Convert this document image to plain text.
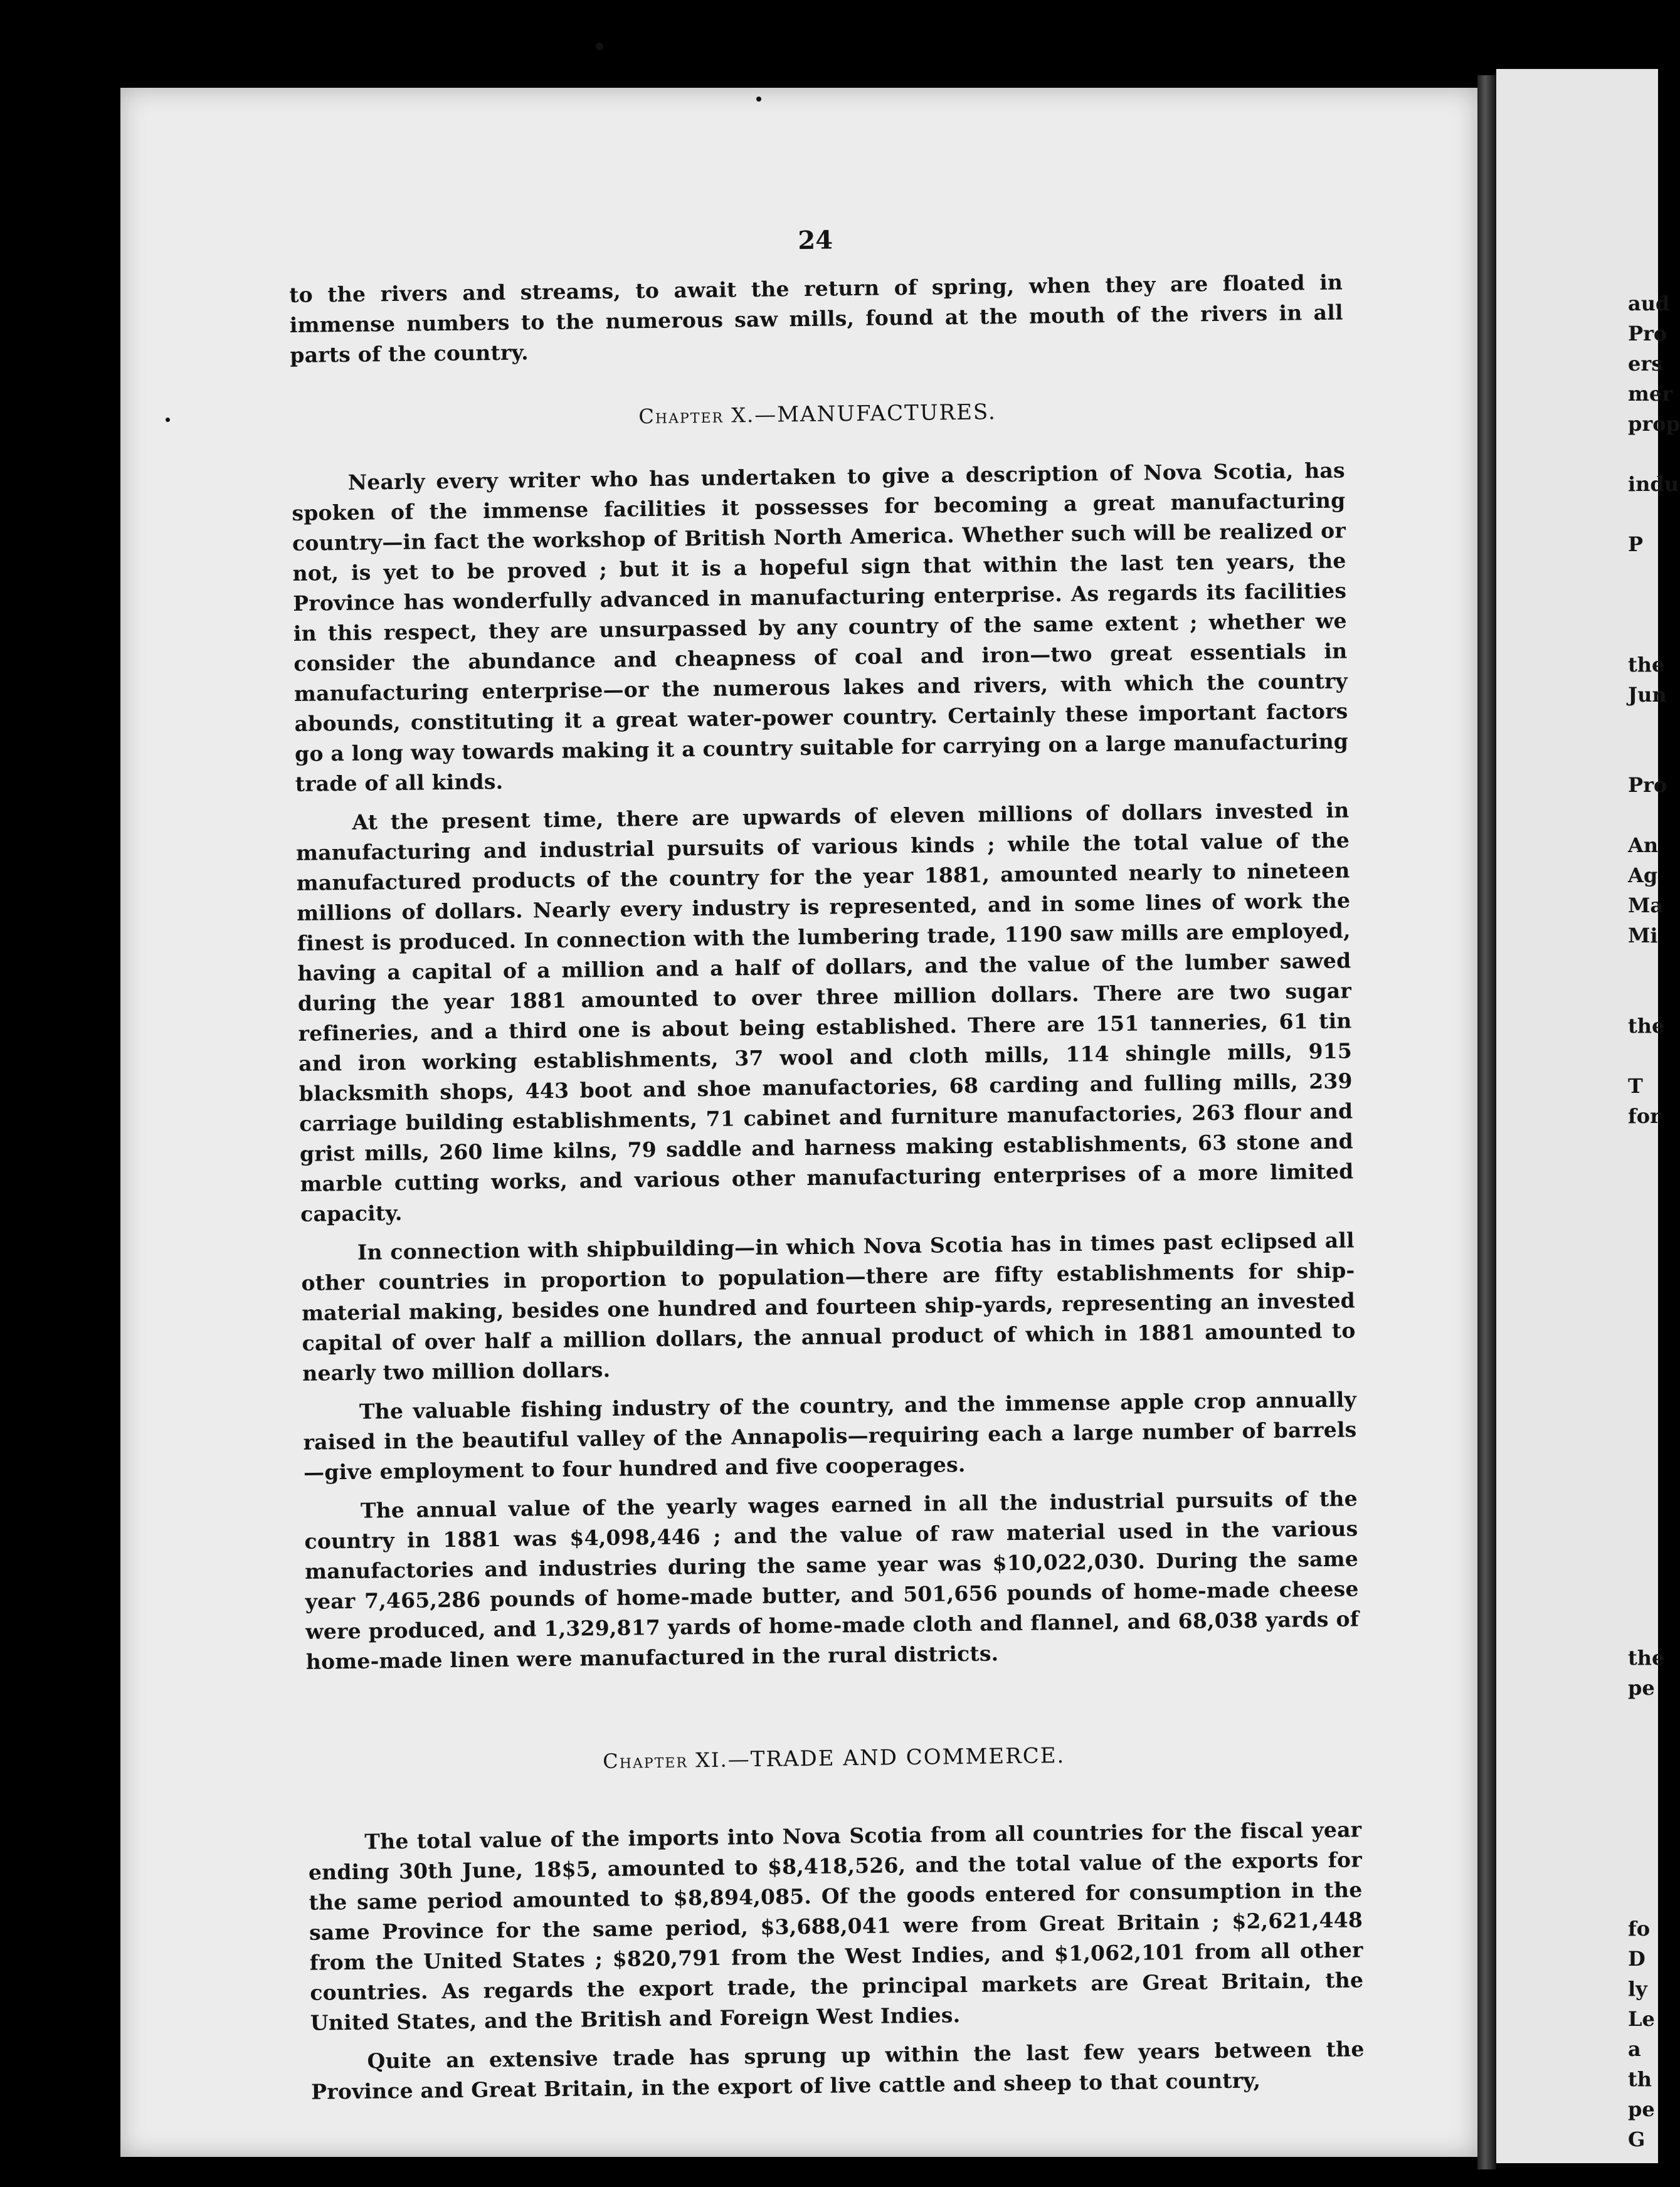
24

to the rivers and streams, to await the return of spring, when they are floated in immense numbers to the numerous saw mills, found at the mouth of the rivers in all parts of the country.

Chapter X.—MANUFACTURES.

Nearly every writer who has undertaken to give a description of Nova Scotia, has spoken of the immense facilities it possesses for becoming a great manufacturing country—in fact the workshop of British North America. Whether such will be realized or not, is yet to be proved ; but it is a hopeful sign that within the last ten years, the Province has wonderfully advanced in manufacturing enterprise. As regards its facilities in this respect, they are unsurpassed by any country of the same extent ; whether we consider the abundance and cheapness of coal and iron—two great essentials in manufacturing enterprise—or the numerous lakes and rivers, with which the country abounds, constituting it a great water-power country. Certainly these important factors go a long way towards making it a country suitable for carrying on a large manufacturing trade of all kinds.

At the present time, there are upwards of eleven millions of dollars invested in manufacturing and industrial pursuits of various kinds ; while the total value of the manufactured products of the country for the year 1881, amounted nearly to nineteen millions of dollars. Nearly every industry is represented, and in some lines of work the finest is produced. In connection with the lumbering trade, 1190 saw mills are employed, having a capital of a million and a half of dollars, and the value of the lumber sawed during the year 1881 amounted to over three million dollars. There are two sugar refineries, and a third one is about being established. There are 151 tanneries, 61 tin and iron working establishments, 37 wool and cloth mills, 114 shingle mills, 915 blacksmith shops, 443 boot and shoe manufactories, 68 carding and fulling mills, 239 carriage building establishments, 71 cabinet and furniture manufactories, 263 flour and grist mills, 260 lime kilns, 79 saddle and harness making establishments, 63 stone and marble cutting works, and various other manufacturing enterprises of a more limited capacity.

In connection with shipbuilding—in which Nova Scotia has in times past eclipsed all other countries in proportion to population—there are fifty establishments for ship-material making, besides one hundred and fourteen ship-yards, representing an invested capital of over half a million dollars, the annual product of which in 1881 amounted to nearly two million dollars.

The valuable fishing industry of the country, and the immense apple crop annually raised in the beautiful valley of the Annapolis—requiring each a large number of barrels—give employment to four hundred and five cooperages.

The annual value of the yearly wages earned in all the industrial pursuits of the country in 1881 was $4,098,446 ; and the value of raw material used in the various manufactories and industries during the same year was $10,022,030. During the same year 7,465,286 pounds of home-made butter, and 501,656 pounds of home-made cheese were produced, and 1,329,817 yards of home-made cloth and flannel, and 68,038 yards of home-made linen were manufactured in the rural districts.

Chapter XI.—TRADE AND COMMERCE.

The total value of the imports into Nova Scotia from all countries for the fiscal year ending 30th June, 18$5, amounted to $8,418,526, and the total value of the exports for the same period amounted to $8,894,085. Of the goods entered for consumption in the same Province for the same period, $3,688,041 were from Great Britain ; $2,621,448 from the United States ; $820,791 from the West Indies, and $1,062,101 from all other countries. As regards the export trade, the principal markets are Great Britain, the United States, and the British and Foreign West Indies.

Quite an extensive trade has sprung up within the last few years between the Province and Great Britain, in the export of live cattle and sheep to that country,

aud
Pro
ers
mer
prop

indu

P

the
Jun

Pro

An
Ag
Ma
Mi

the

T
for

the
pe

fo
D
ly
Le
a
th
pe
G
